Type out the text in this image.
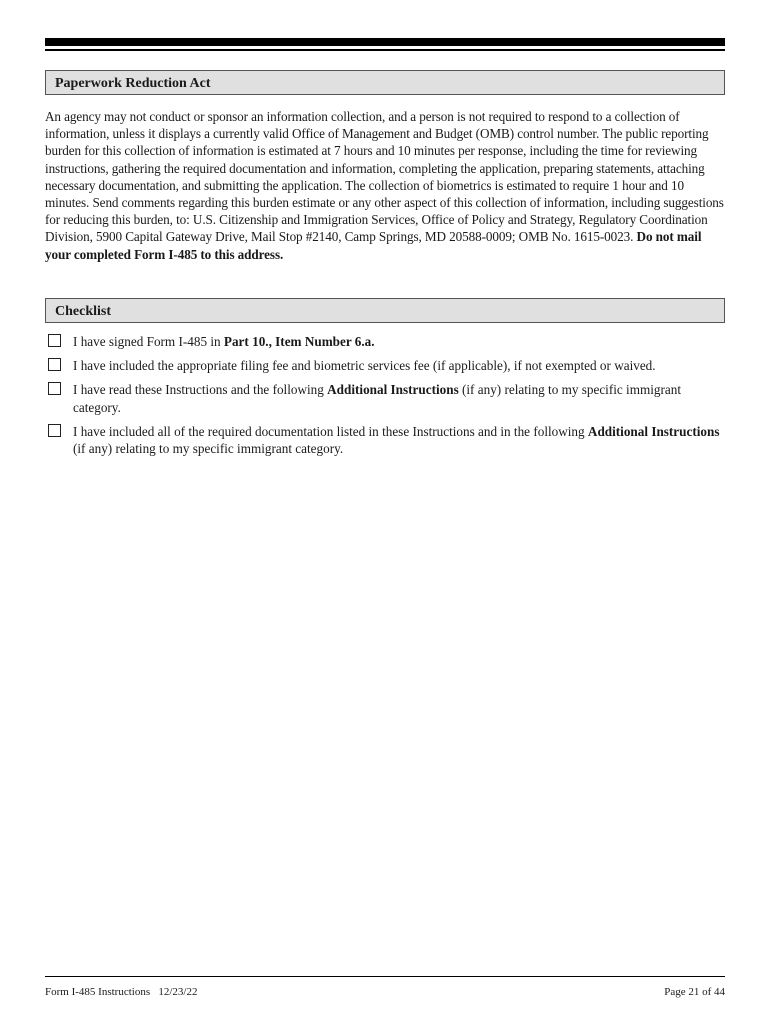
Paperwork Reduction Act
An agency may not conduct or sponsor an information collection, and a person is not required to respond to a collection of information, unless it displays a currently valid Office of Management and Budget (OMB) control number. The public reporting burden for this collection of information is estimated at 7 hours and 10 minutes per response, including the time for reviewing instructions, gathering the required documentation and information, completing the application, preparing statements, attaching necessary documentation, and submitting the application. The collection of biometrics is estimated to require 1 hour and 10 minutes. Send comments regarding this burden estimate or any other aspect of this collection of information, including suggestions for reducing this burden, to: U.S. Citizenship and Immigration Services, Office of Policy and Strategy, Regulatory Coordination Division, 5900 Capital Gateway Drive, Mail Stop #2140, Camp Springs, MD 20588-0009; OMB No. 1615-0023. Do not mail your completed Form I-485 to this address.
Checklist
I have signed Form I-485 in Part 10., Item Number 6.a.
I have included the appropriate filing fee and biometric services fee (if applicable), if not exempted or waived.
I have read these Instructions and the following Additional Instructions (if any) relating to my specific immigrant category.
I have included all of the required documentation listed in these Instructions and in the following Additional Instructions (if any) relating to my specific immigrant category.
Form I-485 Instructions   12/23/22	Page 21 of 44
